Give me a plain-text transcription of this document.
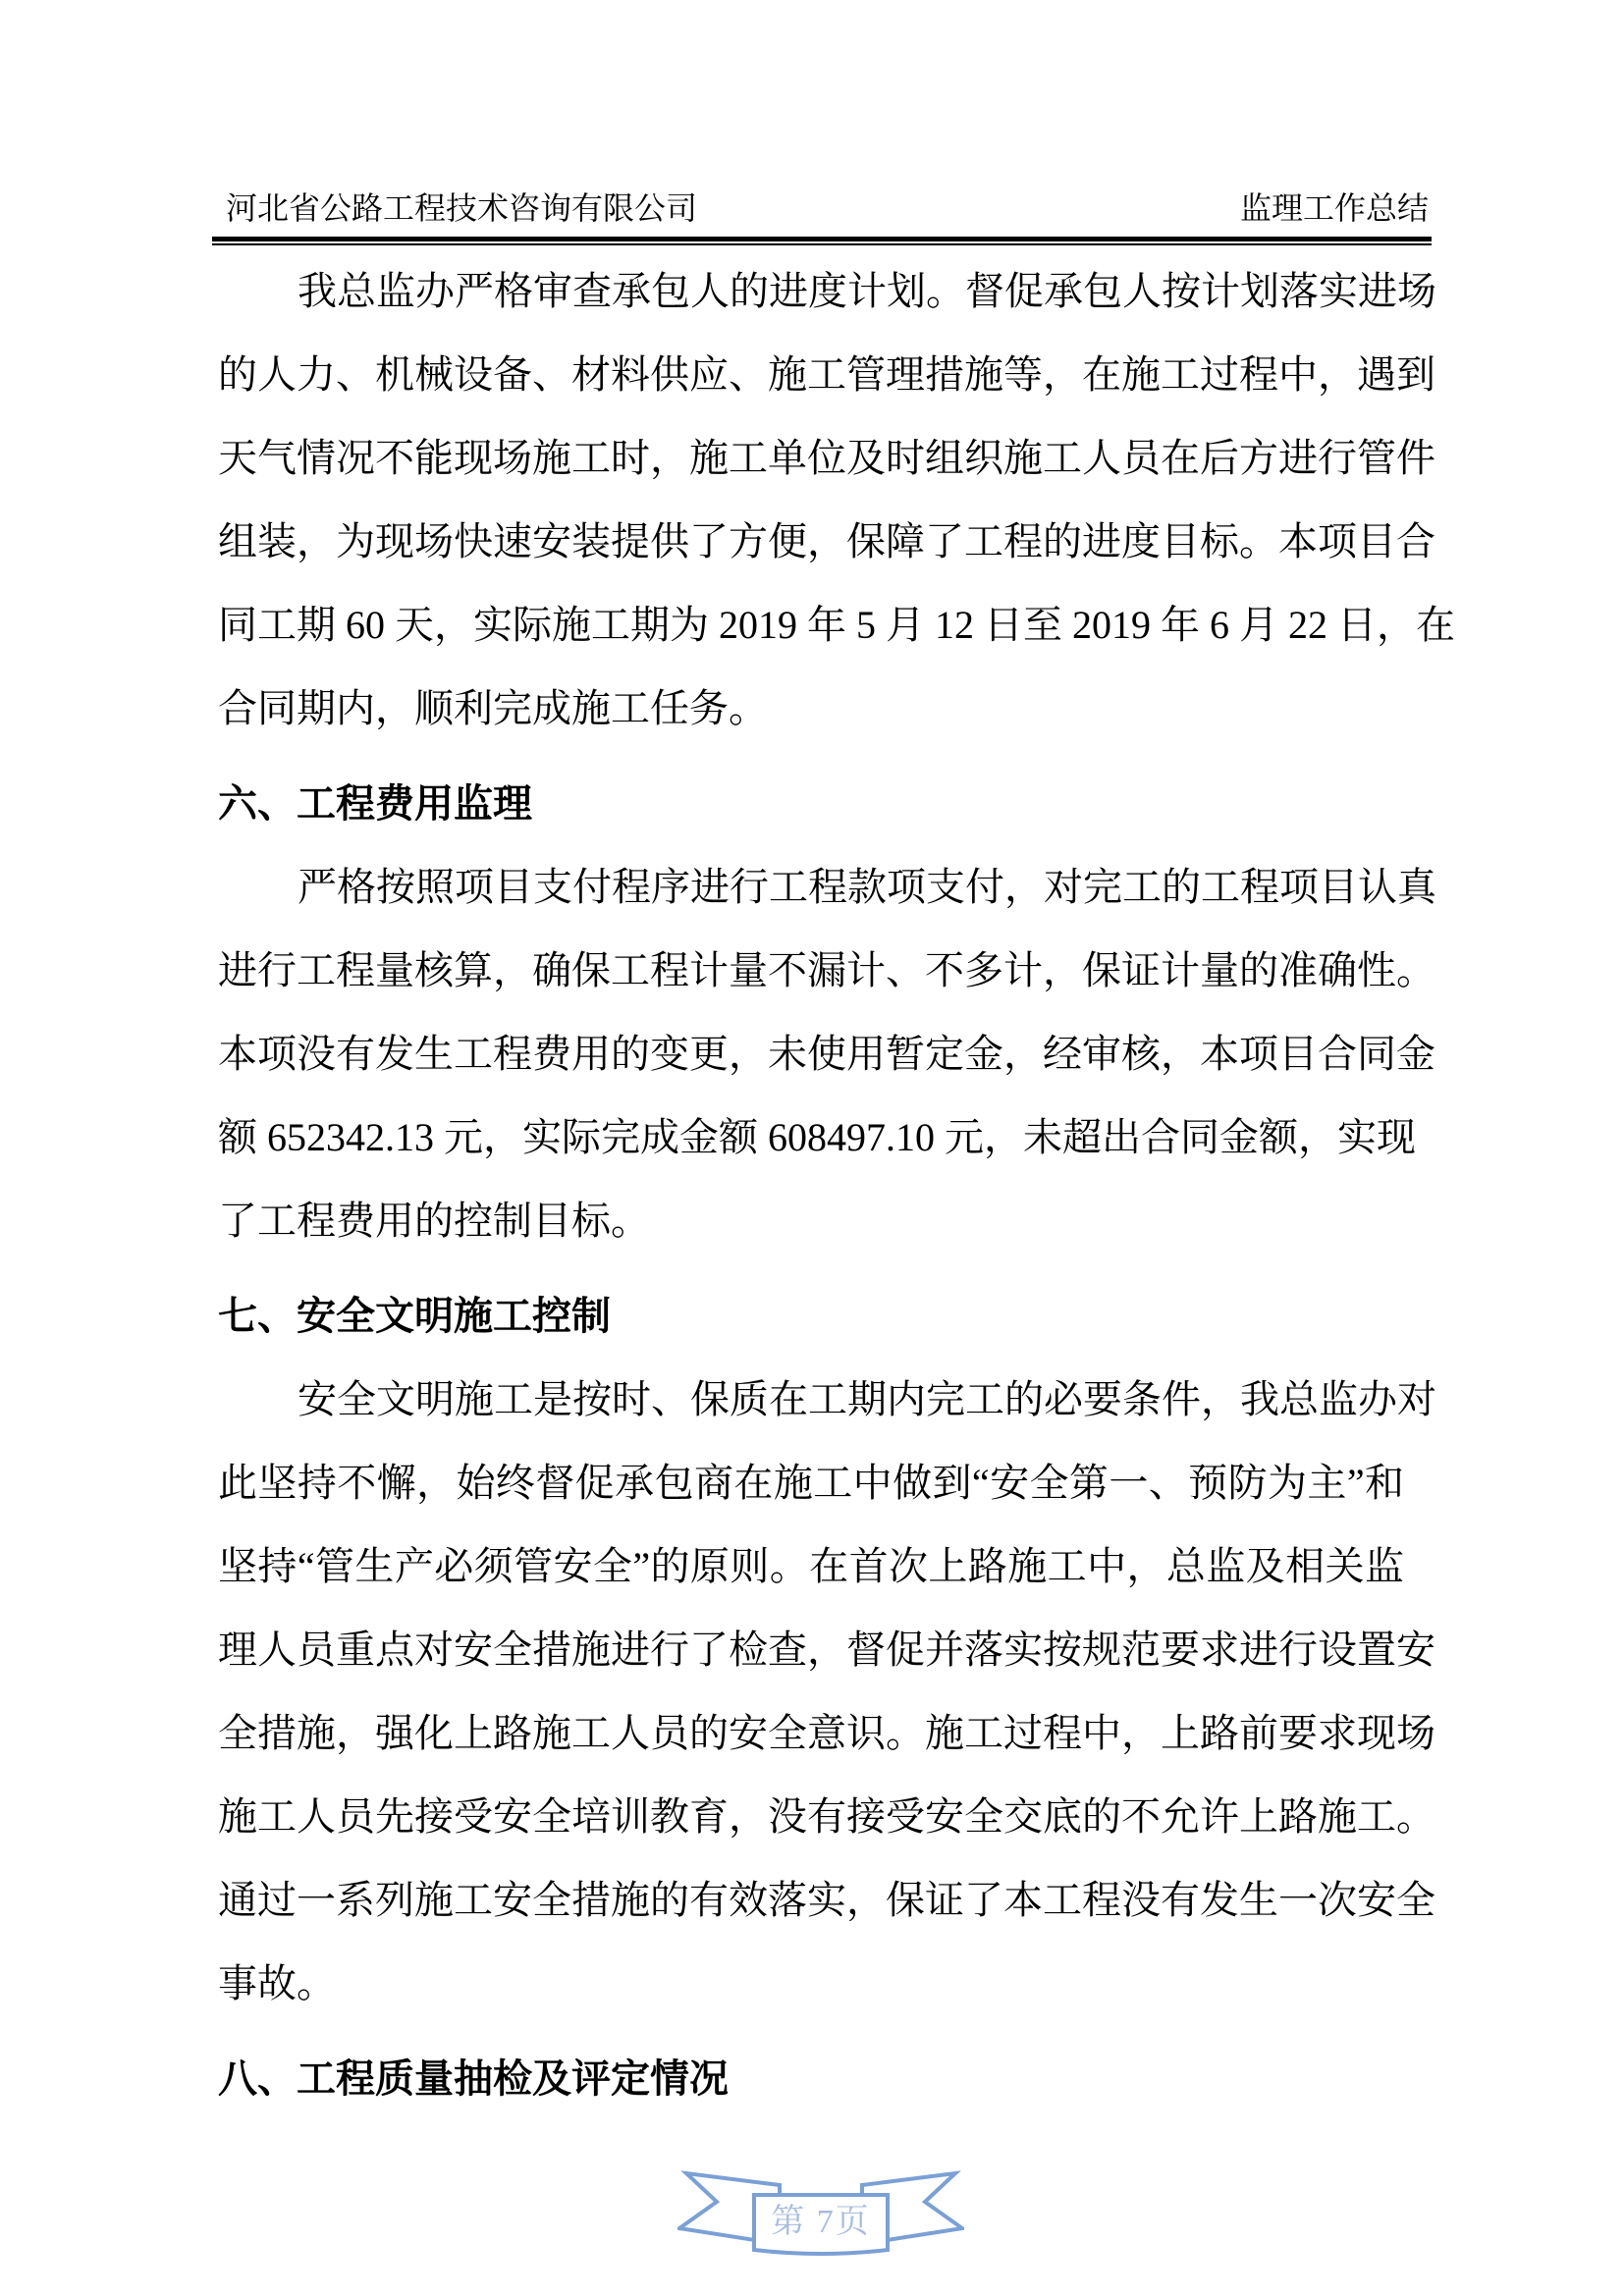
河北省公路工程技术咨询有限公司	监理工作总结
我总监办严格审查承包人的进度计划。督促承包人按计划落实进场
的人力、机械设备、材料供应、施工管理措施等，在施工过程中，遇到
天气情况不能现场施工时，施工单位及时组织施工人员在后方进行管件
组装，为现场快速安装提供了方便，保障了工程的进度目标。本项目合
同工期 60 天，实际施工期为 2019 年 5 月 12 日至 2019 年 6 月 22 日，在
合同期内，顺利完成施工任务。
六、工程费用监理
严格按照项目支付程序进行工程款项支付，对完工的工程项目认真
进行工程量核算，确保工程计量不漏计、不多计，保证计量的准确性。
本项没有发生工程费用的变更，未使用暂定金，经审核，本项目合同金
额 652342.13 元，实际完成金额 608497.10 元，未超出合同金额，实现
了工程费用的控制目标。
七、安全文明施工控制
安全文明施工是按时、保质在工期内完工的必要条件，我总监办对
此坚持不懈，始终督促承包商在施工中做到“安全第一、预防为主”和
坚持“管生产必须管安全”的原则。在首次上路施工中，总监及相关监
理人员重点对安全措施进行了检查，督促并落实按规范要求进行设置安
全措施，强化上路施工人员的安全意识。施工过程中，上路前要求现场
施工人员先接受安全培训教育，没有接受安全交底的不允许上路施工。
通过一系列施工安全措施的有效落实，保证了本工程没有发生一次安全
事故。
八、工程质量抽检及评定情况
第 7页
